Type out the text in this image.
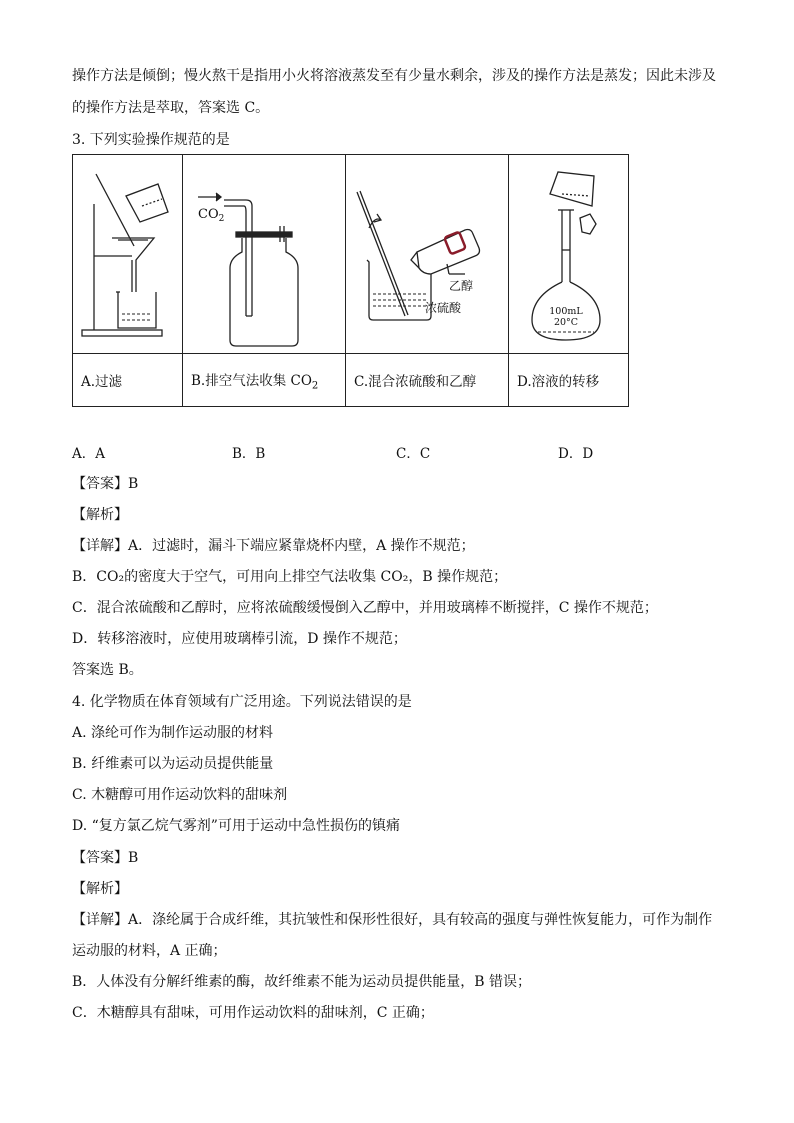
操作方法是倾倒；慢火熬干是指用小火将溶液蒸发至有少量水剩余，涉及的操作方法是蒸发；因此未涉及
的操作方法是萃取，答案选 C。
3. 下列实验操作规范的是

$CO_2$	乙醇
浓硫酸	100mL
20°C

A.过滤	B.排空气法收集 $CO_2$	C.混合浓硫酸和乙醇	D.溶液的转移
A．A	B．B	C．C	D．D
【答案】B
【解析】
【详解】A．过滤时，漏斗下端应紧靠烧杯内壁，A 操作不规范；
B．CO₂的密度大于空气，可用向上排空气法收集 CO₂，B 操作规范；
C．混合浓硫酸和乙醇时，应将浓硫酸缓慢倒入乙醇中，并用玻璃棒不断搅拌，C 操作不规范；
D．转移溶液时，应使用玻璃棒引流，D 操作不规范；
答案选 B。
4. 化学物质在体育领域有广泛用途。下列说法错误的是
A. 涤纶可作为制作运动服的材料
B. 纤维素可以为运动员提供能量
C. 木糖醇可用作运动饮料的甜味剂
D. “复方氯乙烷气雾剂”可用于运动中急性损伤的镇痛
【答案】B
【解析】
【详解】A．涤纶属于合成纤维，其抗皱性和保形性很好，具有较高的强度与弹性恢复能力，可作为制作
运动服的材料，A 正确；
B．人体没有分解纤维素的酶，故纤维素不能为运动员提供能量，B 错误；
C．木糖醇具有甜味，可用作运动饮料的甜味剂，C 正确；
